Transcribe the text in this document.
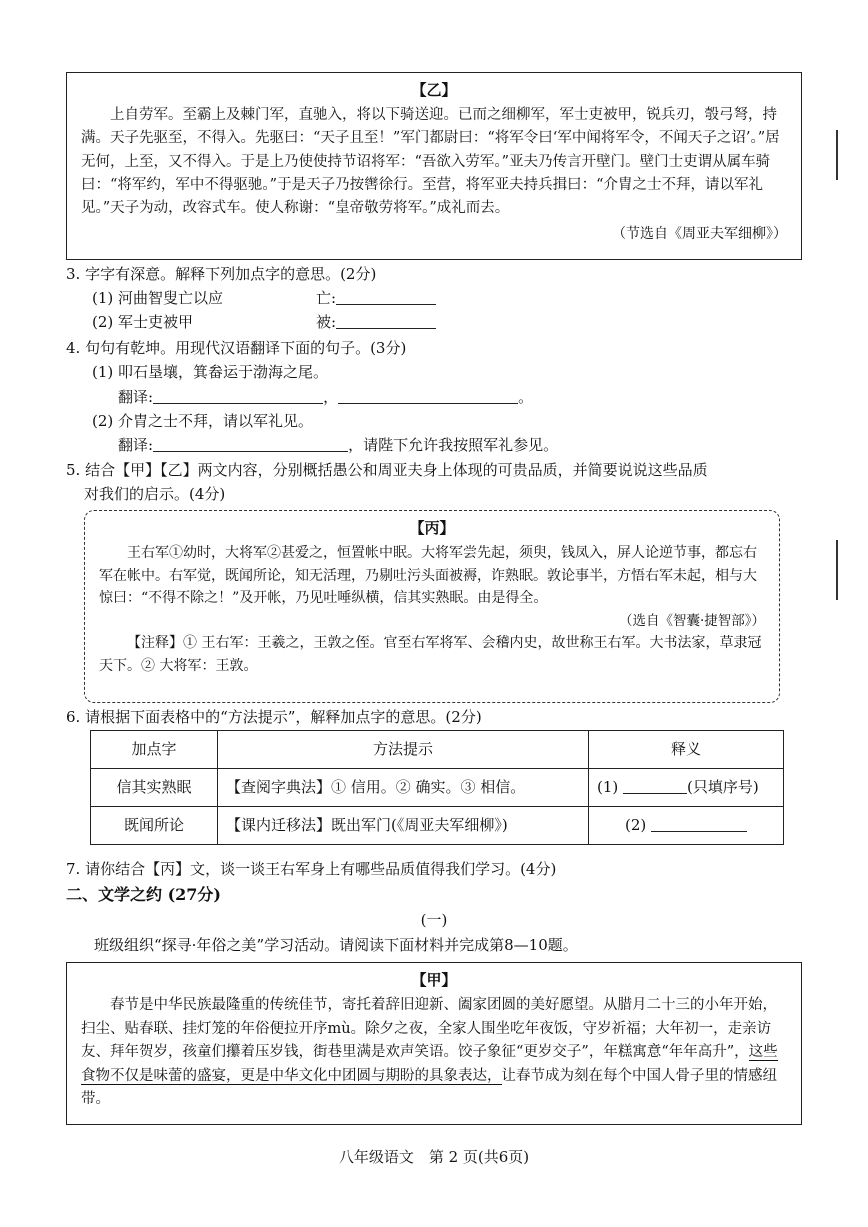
【乙】

上自劳军。至霸上及棘门军，直驰入，将以下骑送迎。已而之细柳军，军士吏被甲，锐兵刃，彀弓弩，持满。天子先驱至，不得入。先驱曰：“天子且至！”军门都尉曰：“将军令曰‘军中闻将军令，不闻天子之诏’。”居无何，上至，又不得入。于是上乃使使持节诏将军：“吾欲入劳军。”亚夫乃传言开壁门。壁门士吏谓从属车骑曰：“将军约，军中不得驱驰。”于是天子乃按辔徐行。至营，将军亚夫持兵揖曰：“介胄之士不拜，请以军礼见。”天子为动，改容式车。使人称谢：“皇帝敬劳将军。”成礼而去。

（节选自《周亚夫军细柳》）

3. 字字有深意。解释下列加点字的意思。(2分)

(1) 河曲智叟亡以应	亡:

(2) 军士吏被甲	被:

4. 句句有乾坤。用现代汉语翻译下面的句子。(3分)

(1) 叩石垦壤，箕畚运于渤海之尾。

翻译:	，	。

(2) 介胄之士不拜，请以军礼见。

翻译:	，请陛下允许我按照军礼参见。

5. 结合【甲】【乙】两文内容，分别概括愚公和周亚夫身上体现的可贵品质，并简要说说这些品质

对我们的启示。(4分)

【丙】

王右军①幼时，大将军②甚爱之，恒置帐中眠。大将军尝先起，须臾，钱凤入，屏人论逆节事，都忘右军在帐中。右军觉，既闻所论，知无活理，乃剔吐污头面被褥，诈熟眠。敦论事半，方悟右军未起，相与大惊曰：“不得不除之！”及开帐，乃见吐唾纵横，信其实熟眠。由是得全。

（选自《智囊·捷智部》）

【注释】① 王右军：王羲之，王敦之侄。官至右军将军、会稽内史，故世称王右军。大书法家，草隶冠天下。② 大将军：王敦。

6. 请根据下面表格中的“方法提示”，解释加点字的意思。(2分)

加点字	方法提示	释义
信其实熟眠	【查阅字典法】① 信用。② 确实。③ 相信。	(1) (只填序号)
既闻所论	【课内迁移法】既出军门(《周亚夫军细柳》)	(2)

7. 请你结合【丙】文，谈一谈王右军身上有哪些品质值得我们学习。(4分)

二、文学之约 (27分)

(一)

班级组织“探寻·年俗之美”学习活动。请阅读下面材料并完成第8—10题。

【甲】

春节是中华民族最隆重的传统佳节，寄托着辞旧迎新、阖家团圆的美好愿望。从腊月二十三的小年开始，扫尘、贴春联、挂灯笼的年俗便拉开序mù。除夕之夜，全家人围坐吃年夜饭，守岁祈福；大年初一，走亲访友、拜年贺岁，孩童们攥着压岁钱，街巷里满是欢声笑语。饺子象征“更岁交子”，年糕寓意“年年高升”，这些食物不仅是味蕾的盛宴，更是中华文化中团圆与期盼的具象表达，让春节成为刻在每个中国人骨子里的情感纽带。

八年级语文　第 2 页(共6页)
